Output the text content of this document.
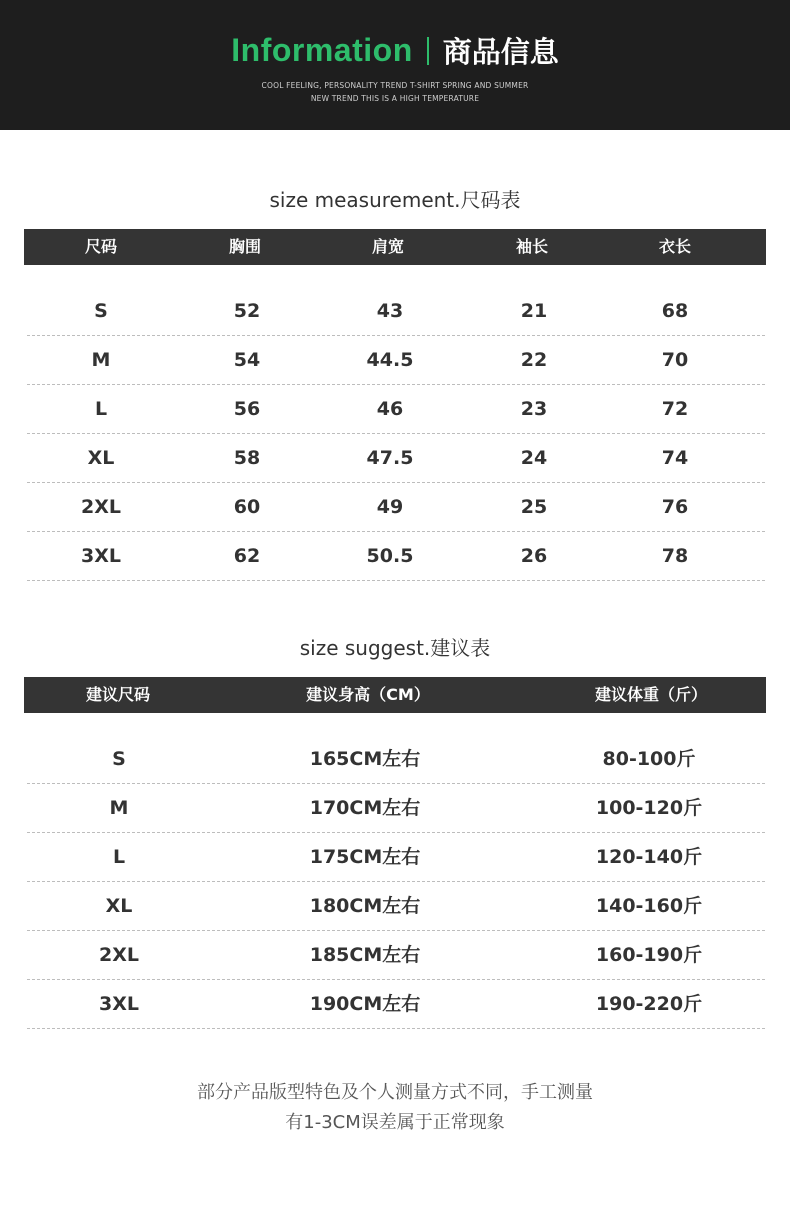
Information 商品信息
COOL FEELING, PERSONALITY TREND T-SHIRT SPRING AND SUMMER
NEW TREND THIS IS A HIGH TEMPERATURE
size measurement.尺码表
尺码	胸围	肩宽	袖长	衣长
S	52	43	21	68
M	54	44.5	22	70
L	56	46	23	72
XL	58	47.5	24	74
2XL	60	49	25	76
3XL	62	50.5	26	78
size suggest.建议表
建议尺码	建议身高（CM）	建议体重（斤）
S	165CM左右	80-100斤
M	170CM左右	100-120斤
L	175CM左右	120-140斤
XL	180CM左右	140-160斤
2XL	185CM左右	160-190斤
3XL	190CM左右	190-220斤
部分产品版型特色及个人测量方式不同，手工测量
有1-3CM误差属于正常现象
